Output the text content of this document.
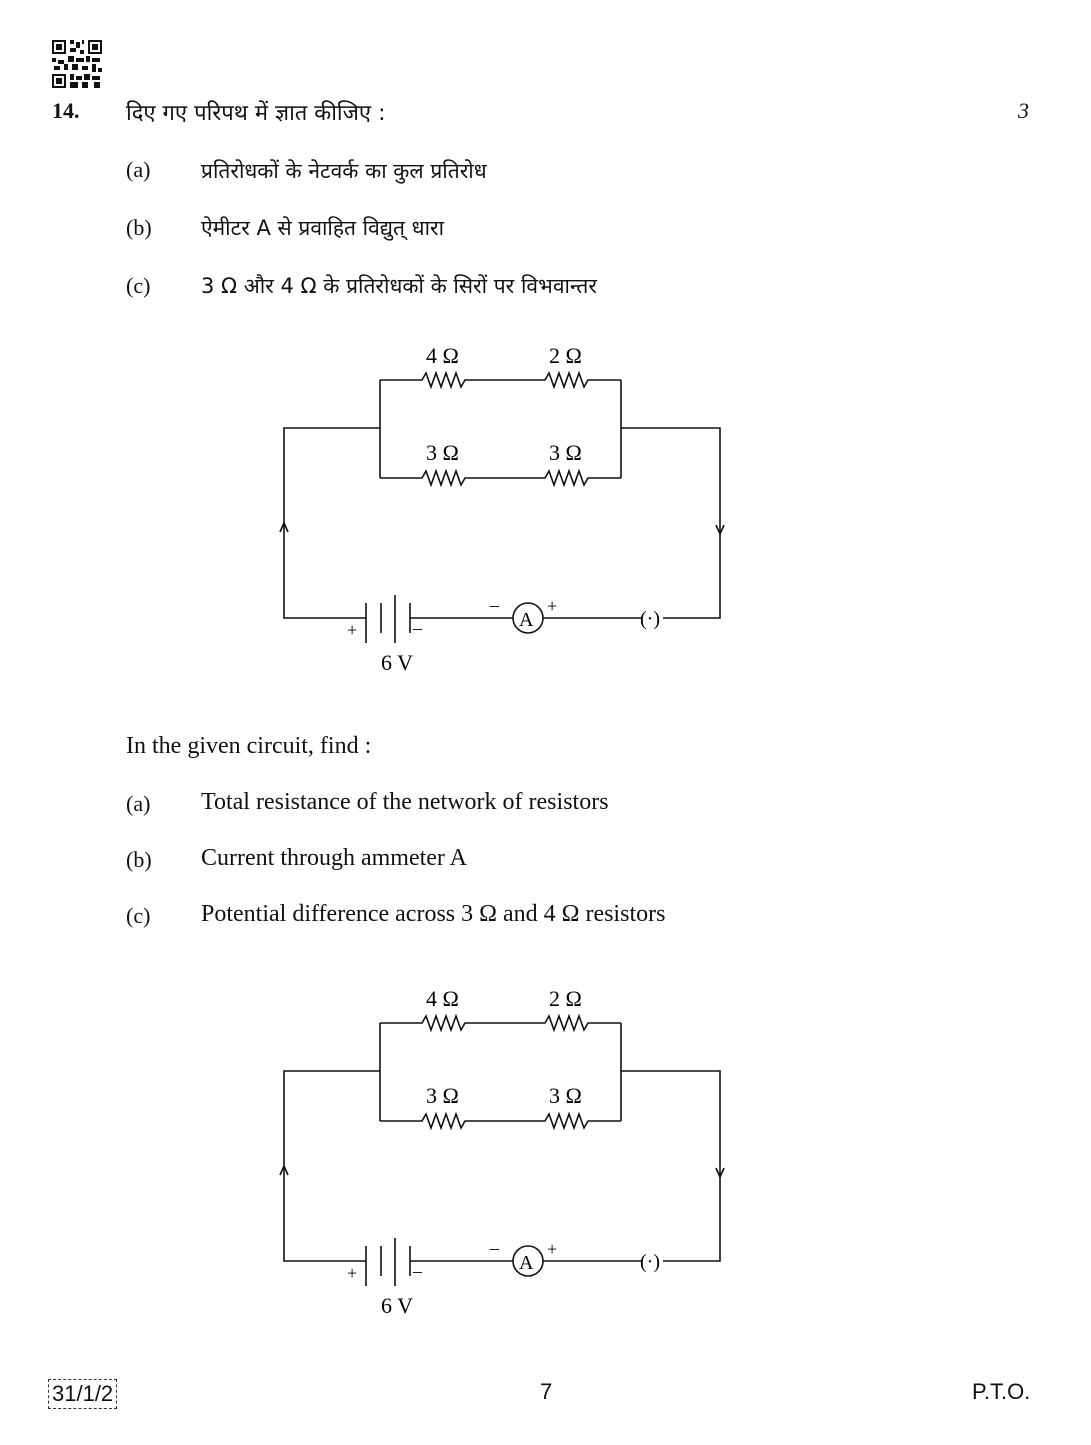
14. दिए गए परिपथ में ज्ञात कीजिए :	3
(a) प्रतिरोधकों के नेटवर्क का कुल प्रतिरोध
(b) ऐमीटर A से प्रवाहित विद्युत् धारा
(c) 3 Ω और 4 Ω के प्रतिरोधकों के सिरों पर विभवान्तर
4 Ω	2 Ω
3 Ω	3 Ω
+	–
6 V
A
–	+
(·)
In the given circuit, find :
(a) Total resistance of the network of resistors
(b) Current through ammeter A
(c) Potential difference across 3 Ω and 4 Ω resistors
4 Ω	2 Ω
3 Ω	3 Ω
+	–
6 V
A
–	+
(·)
31/1/2	7	P.T.O.
